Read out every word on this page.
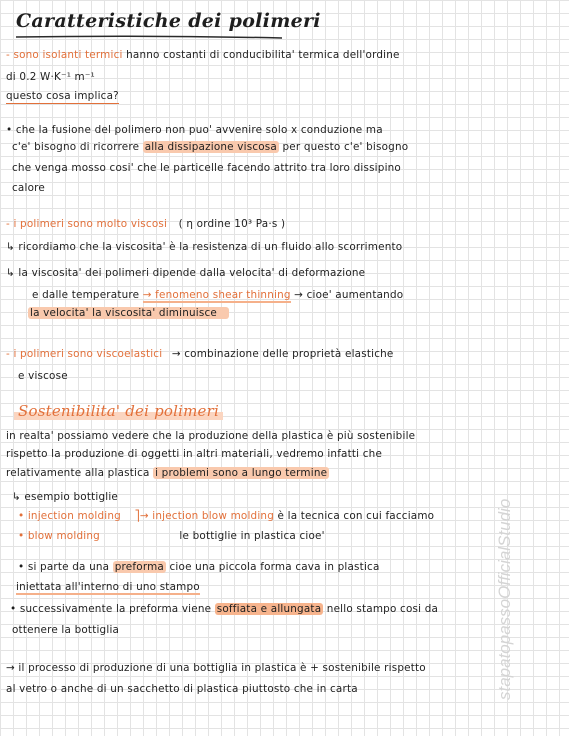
Caratteristiche dei polimeri
- sono isolanti termici hanno costanti di conducibilita' termica dell'ordine
di 0.2 W·K⁻¹ m⁻¹
questo cosa implica?
• che la fusione del polimero non puo' avvenire solo x conduzione ma
c'e' bisogno di ricorrere alla dissipazione viscosa per questo c'e' bisogno
che venga mosso cosi' che le particelle facendo attrito tra loro dissipino
calore
- i polimeri sono molto viscosi ( η ordine 10³ Pa·s )
↳ ricordiamo che la viscosita' è la resistenza di un fluido allo scorrimento
↳ la viscosita' dei polimeri dipende dalla velocita' di deformazione
e dalle temperature → fenomeno shear thinning → cioe' aumentando
la velocita' la viscosita' diminuisce
- i polimeri sono viscoelastici → combinazione delle proprietà elastiche
e viscose
Sostenibilita' dei polimeri
in realta' possiamo vedere che la produzione della plastica è più sostenibile
rispetto la produzione di oggetti in altri materiali, vedremo infatti che
relativamente alla plastica i problemi sono a lungo termine
↳ esempio bottiglie
• injection molding ⎤→ injection blow molding è la tecnica con cui facciamo
• blow molding	le bottiglie in plastica cioe'
• si parte da una preforma cioe una piccola forma cava in plastica
iniettata all'interno di uno stampo
• successivamente la preforma viene soffiata e allungata nello stampo cosi da
ottenere la bottiglia
→ il processo di produzione di una bottiglia in plastica è + sostenibile rispetto
al vetro o anche di un sacchetto di plastica piuttosto che in carta	stapatopassoOfficialStudio
